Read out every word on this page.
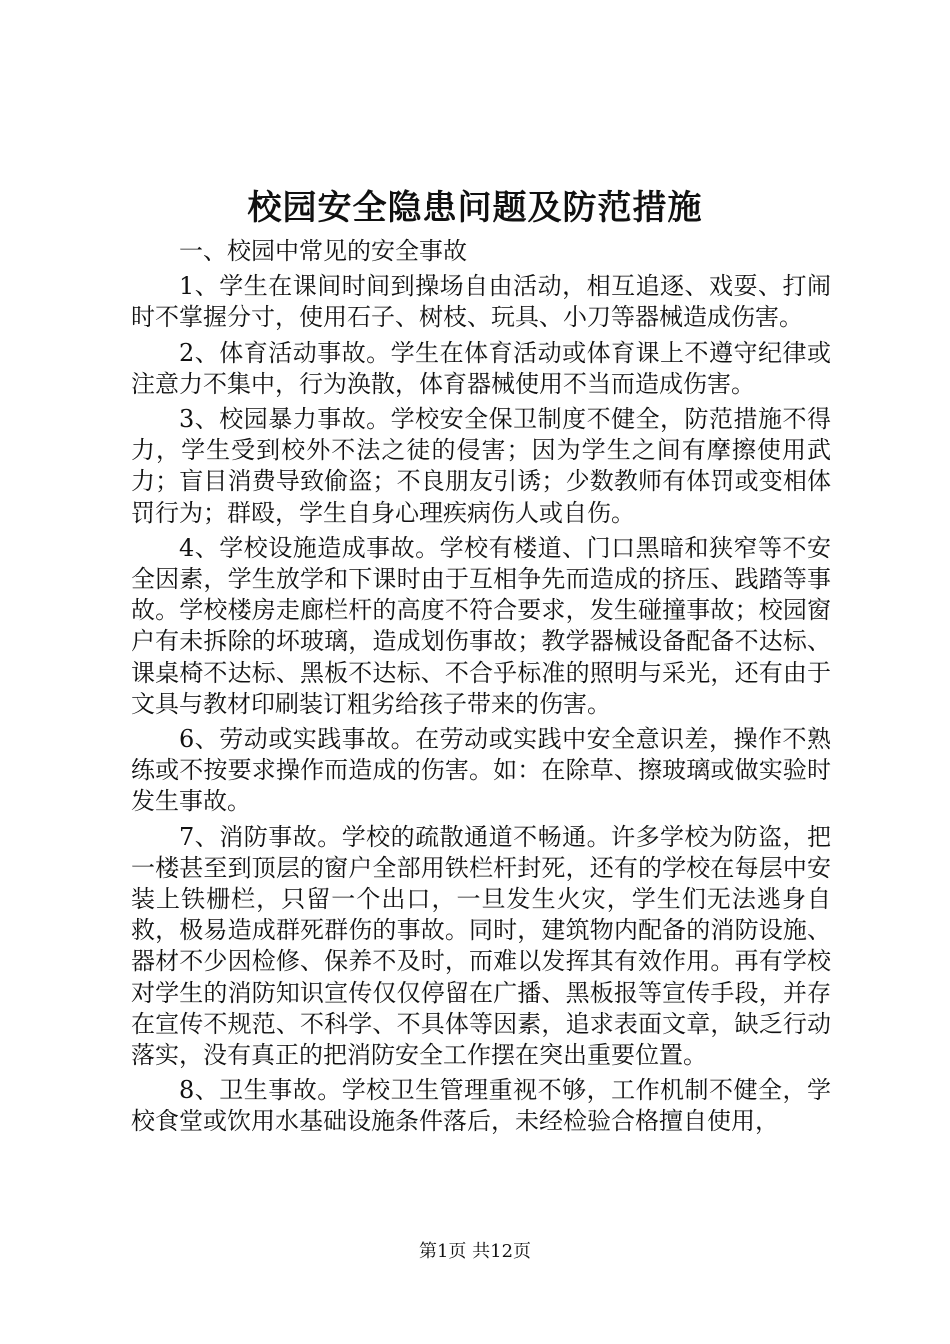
校园安全隐患问题及防范措施

一、校园中常见的安全事故

1、学生在课间时间到操场自由活动，相互追逐、戏耍、打闹时不掌握分寸，使用石子、树枝、玩具、小刀等器械造成伤害。

2、体育活动事故。学生在体育活动或体育课上不遵守纪律或注意力不集中，行为涣散，体育器械使用不当而造成伤害。

3、校园暴力事故。学校安全保卫制度不健全，防范措施不得力，学生受到校外不法之徒的侵害；因为学生之间有摩擦使用武力；盲目消费导致偷盗；不良朋友引诱；少数教师有体罚或变相体罚行为；群殴，学生自身心理疾病伤人或自伤。

4、学校设施造成事故。学校有楼道、门口黑暗和狭窄等不安全因素，学生放学和下课时由于互相争先而造成的挤压、践踏等事故。学校楼房走廊栏杆的高度不符合要求，发生碰撞事故；校园窗户有未拆除的坏玻璃，造成划伤事故；教学器械设备配备不达标、课桌椅不达标、黑板不达标、不合乎标准的照明与采光，还有由于文具与教材印刷装订粗劣给孩子带来的伤害。

6、劳动或实践事故。在劳动或实践中安全意识差，操作不熟练或不按要求操作而造成的伤害。如：在除草、擦玻璃或做实验时发生事故。

7、消防事故。学校的疏散通道不畅通。许多学校为防盗，把一楼甚至到顶层的窗户全部用铁栏杆封死，还有的学校在每层中安装上铁栅栏，只留一个出口，一旦发生火灾，学生们无法逃身自救，极易造成群死群伤的事故。同时，建筑物内配备的消防设施、器材不少因检修、保养不及时，而难以发挥其有效作用。再有学校对学生的消防知识宣传仅仅停留在广播、黑板报等宣传手段，并存在宣传不规范、不科学、不具体等因素，追求表面文章，缺乏行动落实，没有真正的把消防安全工作摆在突出重要位置。

8、卫生事故。学校卫生管理重视不够，工作机制不健全，学校食堂或饮用水基础设施条件落后，未经检验合格擅自使用，

第1页 共12页
